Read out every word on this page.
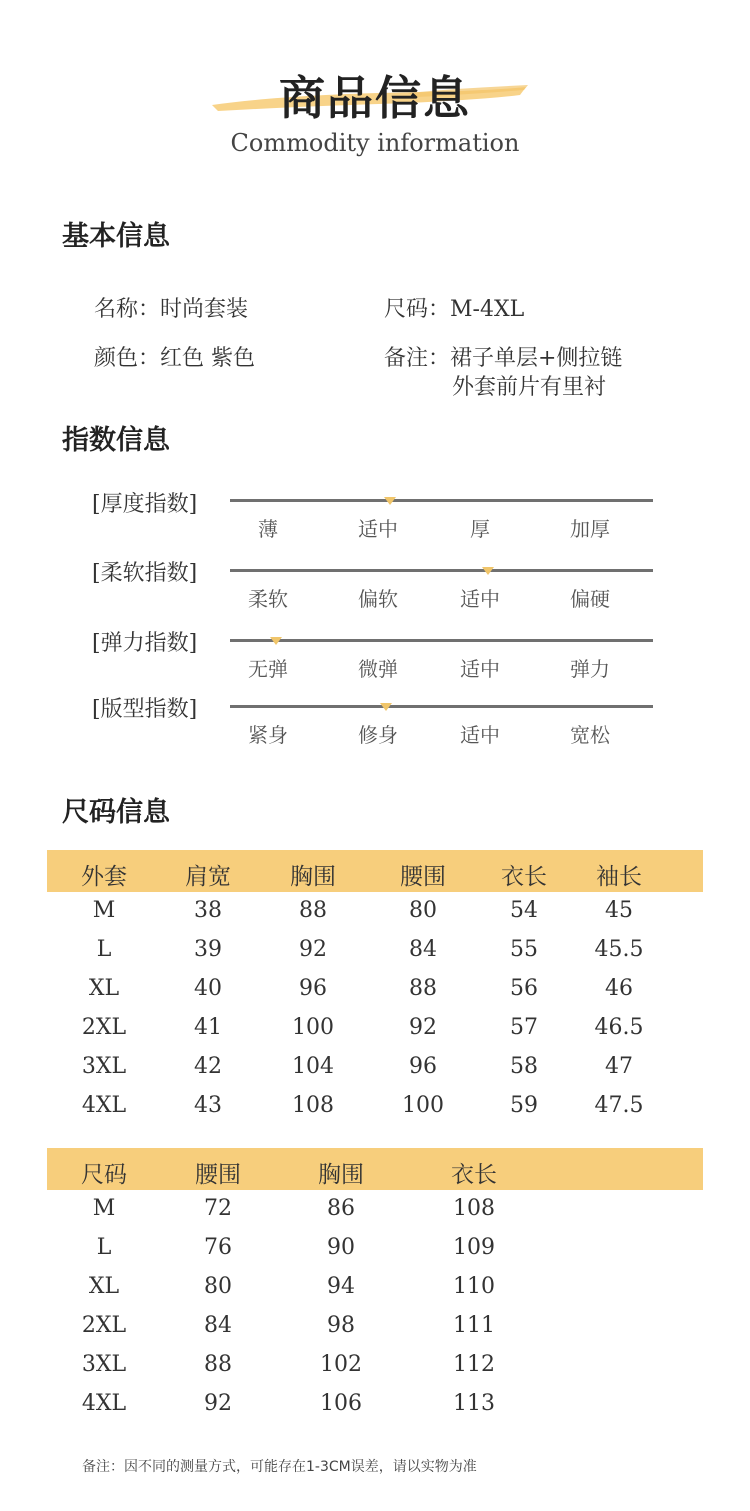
商品信息
Commodity information
基本信息
名称：时尚套装	尺码：M-4XL
颜色：红色 紫色	备注：裙子单层+侧拉链
外套前片有里衬
指数信息
[厚度指数]
薄	适中	厚	加厚
[柔软指数]
柔软	偏软	适中	偏硬
[弹力指数]
无弹	微弹	适中	弹力
[版型指数]
紧身	修身	适中	宽松
尺码信息
外套	肩宽	胸围	腰围	衣长	袖长
M	38	88	80	54	45
L	39	92	84	55	45.5
XL	40	96	88	56	46
2XL	41	100	92	57	46.5
3XL	42	104	96	58	47
4XL	43	108	100	59	47.5
尺码	腰围	胸围	衣长
M	72	86	108
L	76	90	109
XL	80	94	110
2XL	84	98	111
3XL	88	102	112
4XL	92	106	113
备注：因不同的测量方式，可能存在1-3CM误差，请以实物为准
